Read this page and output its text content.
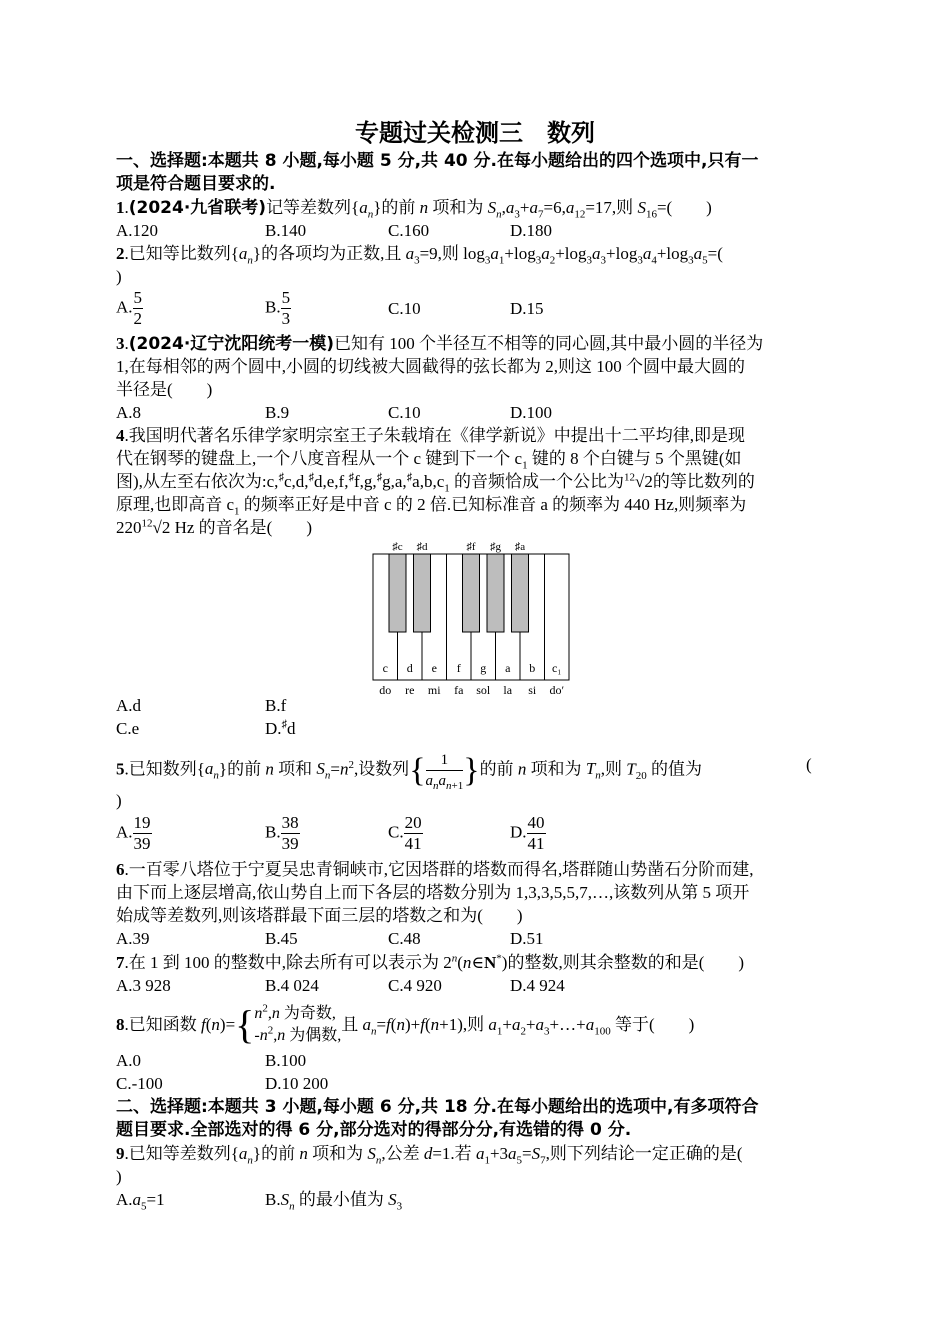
专题过关检测三　数列
一、选择题:本题共 8 小题,每小题 5 分,共 40 分.在每小题给出的四个选项中,只有一
项是符合题目要求的.
1.(2024·九省联考)记等差数列$\{a_n\}$的前 n 项和为 $S_n,a_3+a_7=6,a_{12}=17$,则 $S_{16}=$(　　)
A.120	B.140	C.160	D.180
2.已知等比数列$\{a_n\}$的各项均为正数,且 $a_3=9$,则 $\log_3a_1+\log_3a_2+\log_3a_3+\log_3a_4+\log_3a_5=$(
)
A. $\frac{5}{2}$	B. $\frac{5}{3}$	C.10	D.15
3.(2024·辽宁沈阳统考一模)已知有 100 个半径互不相等的同心圆,其中最小圆的半径为
1,在每相邻的两个圆中,小圆的切线被大圆截得的弦长都为 2,则这 100 个圆中最大圆的
半径是(　　)
A.8	B.9	C.10	D.100
4.我国明代著名乐律学家明宗室王子朱载堉在《律学新说》中提出十二平均律,即是现
代在钢琴的键盘上,一个八度音程从一个 c 键到下一个 $c_1$ 键的 8 个白键与 5 个黑键(如
图),从左至右依次为$:c,^♯c,d,^♯d,e,f,^♯f,g,^♯g,a,^♯a,b,c_1$ 的音频恰成一个公比为$^{12}$√2的等比数列的
原理,也即高音 $c_1$ 的频率正好是中音 c 的 2 倍.已知标准音 a 的频率为 440 Hz,则频率为
$220^{12}√2$ Hz 的音名是(　　)
c
do
d
re
e
mi
f
fa
g
sol
a
la
b
si
c₁
do′
♯c ♯d	♯f ♯g ♯a
A.d	B.f
C.e	D.♯d
5.已知数列$\{a_n\}$的前 n 项和 $S_n=n^2$,设数列{ $\frac{1}{a_na_{n+1}}$ }的前 n 项和为 $T_n$,则 $T_{20}$ 的值为	(
)
A. $\frac{19}{39}$	B. $\frac{38}{39}$	C. $\frac{20}{41}$	D. $\frac{40}{41}$
6.一百零八塔位于宁夏吴忠青铜峡市,它因塔群的塔数而得名,塔群随山势凿石分阶而建,
由下而上逐层增高,依山势自上而下各层的塔数分别为 1,3,3,5,5,7,…,该数列从第 5 项开
始成等差数列,则该塔群最下面三层的塔数之和为(　　)
A.39	B.45	C.48	D.51
7.在 1 到 100 的整数中,除去所有可以表示为 2$^n$(n∈N*)的整数,则其余整数的和是(　　)
A.3 928	B.4 024	C.4 920	D.4 924
8.已知函数 f(n)={ $n^2,n$ 为奇数,
$-n^2,n$ 为偶数,
且 $a_n=f(n)+f(n+1)$,则 $a_1+a_2+a_3+\dots+a_{100}$ 等于(　　)
A.0	B.100
C.-100	D.10 200
二、选择题:本题共 3 小题,每小题 6 分,共 18 分.在每小题给出的选项中,有多项符合
题目要求.全部选对的得 6 分,部分选对的得部分分,有选错的得 0 分.
9.已知等差数列$\{a_n\}$的前 n 项和为 $S_n$,公差 d=1.若 $a_1+3a_5=S_7$,则下列结论一定正确的是(
)
$A.a_5=1$	$B.S_n$ 的最小值为 $S_3$
